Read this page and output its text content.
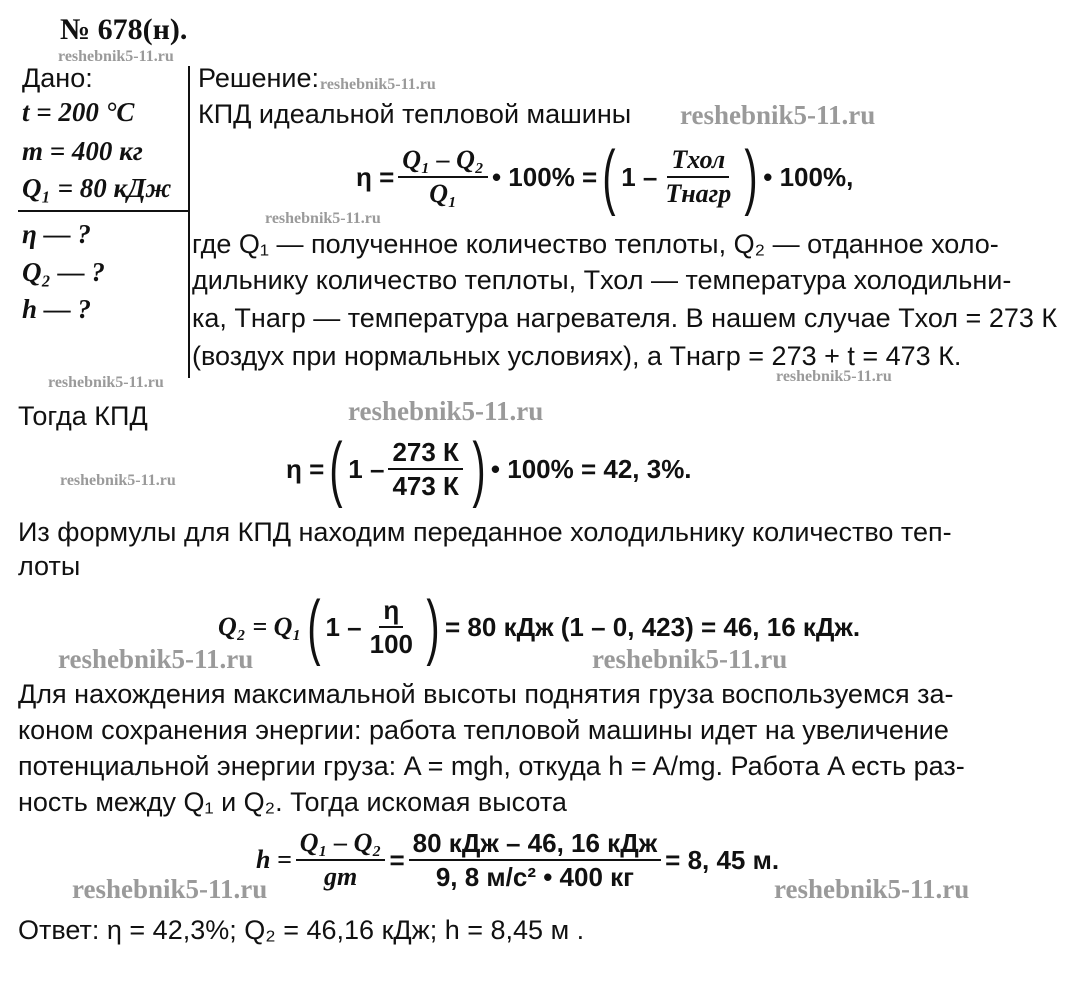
№ 678(н).
Дано:
t = 200 °C
m = 400 кг
Q₁ = 80 кДж
η — ?
Q₂ — ?
h — ?
Решение:
КПД идеальной тепловой машины
$\eta = \frac{\text{Q₁ – Q₂}}{\text{Q₁}}$ • 100% = ( $1 - \frac{\text{Tхол}}{\text{Tнагр}}$ ) • 100%,
где Q₁ — полученное количество теплоты, Q₂ — отданное холо-
дильнику количество теплоты, Tхол — температура холодильни-
ка, Tнагр — температура нагревателя. В нашем случае Tхол = 273 К
(воздух при нормальных условиях), а Tнагр = 273 + t = 473 К.
Тогда КПД
η = ( $1 - \frac{273 К}{473 К}$ ) • 100% = 42, 3%.
Из формулы для КПД находим переданное холодильнику количество теп-
лоты
Q₂ = Q₁ ( $1 - \frac{\eta}{100}$ ) = 80 кДж (1 – 0, 423) = 46, 16 кДж.
Для нахождения максимальной высоты поднятия груза воспользуемся за-
коном сохранения энергии: работа тепловой машины идет на увеличение
потенциальной энергии груза: A = mgh, откуда h = A/mg. Работа A есть раз-
ность между Q₁ и Q₂. Тогда искомая высота
$h = \frac{\text{Q₁ – Q₂}}{gm} = \frac{\text{80 кДж – 46, 16 кДж}}{\text{9, 8 м/с² • 400 кг}} = 8$, 45 м.
Ответ: η = 42,3%; Q₂ = 46,16 кДж; h = 8,45 м .
reshebnik5-11.ru
reshebnik5-11.ru
reshebnik5-11.ru
reshebnik5-11.ru
reshebnik5-11.ru	reshebnik5-11.ru
reshebnik5-11.ru
reshebnik5-11.ru
reshebnik5-11.ru	reshebnik5-11.ru
reshebnik5-11.ru	reshebnik5-11.ru
